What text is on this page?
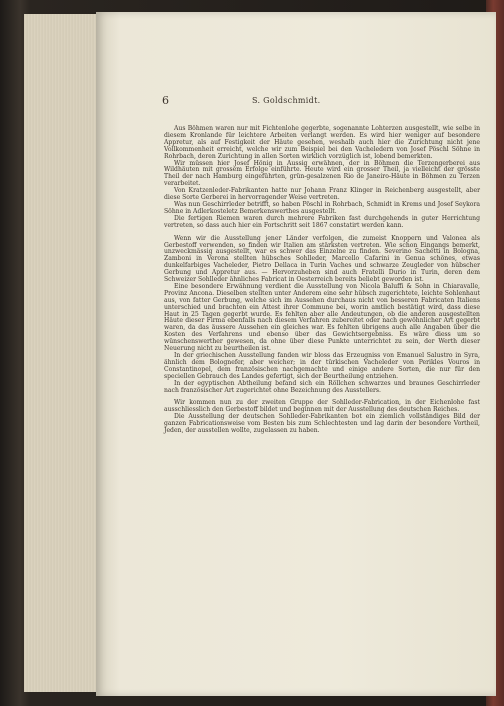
6	S. Goldschmidt.

Aus Böhmen waren nur mit Fichtenlohe gegerbte, sogenannte Lohterzen ausgestellt, wie selbe in diesem Kronlande für leichtere Arbeiten verlangt werden. Es wird hier weniger auf besondere Appretur, als auf Festigkeit der Häute gesehen, weshalb auch hier die Zurichtung nicht jene Vollkommenheit erreicht, welche wir zum Beispiel bei den Vacheledern von Josef Pöschl Söhne in Rohrbach, deren Zurichtung in allen Sorten wirklich vorzüglich ist, lobend bemerkten.

Wir müssen hier Josef Hönig in Aussig erwähnen, der in Böhmen die Terzengerberei aus Wildhäuten mit grossem Erfolge einführte. Heute wird ein grosser Theil, ja vielleicht der grösste Theil der nach Hamburg eingeführten, grün-gesalzenen Rio de Janeiro-Häute in Böhmen zu Terzen verarbeitet.

Von Kratzenleder-Fabrikanten hatte nur Johann Franz Klinger in Reichenberg ausgestellt, aber diese Sorte Gerberei in hervorragender Weise vertreten.

Was nun Geschirrleder betrifft, so haben Pöschl in Rohrbach, Schmidt in Krems und Josef Seykora Söhne in Adlerkosteletz Bemerkenswerthes ausgestellt.

Die fertigen Riemen waren durch mehrere Fabriken fast durchgehends in guter Herrichtung vertreten, so dass auch hier ein Fortschritt seit 1867 constatirt werden kann.

Wenn wir die Ausstellung jener Länder verfolgen, die zumeist Knoppern und Valonea als Gerbestoff verwenden, so finden wir Italien am stärksten vertreten. Wie schon Eingangs bemerkt, unzweckmässig ausgestellt, war es schwer das Einzelne zu finden. Severino Sachetti in Bologna, Zamboni in Verona stellten hübsches Sohlleder, Marcello Cafarini in Genua schönes, etwas dunkelfarbiges Vacheleder, Pietro Dellaca in Turin Vaches und schwarze Zeugleder von hübscher Gerbung und Appretur aus. — Hervorzuheben sind auch Fratelli Durio in Turin, deren dem Schweizer Sohlleder ähnliches Fabricat in Oesterreich bereits beliebt geworden ist.

Eine besondere Erwähnung verdient die Ausstellung von Nicola Baluffi & Sohn in Chiaravalle, Provinz Ancona. Dieselben stellten unter Anderem eine sehr hübsch zugerichtete, leichte Sohlenhaut aus, von fatter Gerbung, welche sich im Aussehen durchaus nicht von besseren Fabricaten Italiens unterschied und brachten ein Attest ihrer Commune bei, worin amtlich bestätigt wird, dass diese Haut in 25 Tagen gegerbt wurde. Es fehlten aber alle Andeutungen, ob die anderen ausgestellten Häute dieser Firma ebenfalls nach diesem Verfahren zubereitet oder nach gewöhnlicher Art gegerbt waren, da das äussere Aussehen ein gleiches war. Es fehlten übrigens auch alle Angaben über die Kosten des Verfahrens und ebenso über das Gewichtsergebniss. Es wäre diess um so wünschenswerther gewesen, da ohne über diese Punkte unterrichtet zu sein, der Werth dieser Neuerung nicht zu beurtheilen ist.

In der griechischen Ausstellung fanden wir bloss das Erzeugniss von Emanuel Salustro in Syra, ähnlich dem Bolognefer, aber weicher; in der türkischen Vacheleder von Perikles Vouros in Constantinopel, dem französischen nachgemachte und einige andere Sorten, die nur für den speciellen Gebrauch des Landes gefertigt, sich der Beurtheilung entziehen.

In der egyptischen Abtheilung befand sich ein Röllchen schwarzes und braunes Geschirrleder nach französischer Art zugerichtet ohne Bezeichnung des Ausstellers.

Wir kommen nun zu der zweiten Gruppe der Sohlleder-Fabrication, in der Eichenlohe fast ausschliesslich den Gerbestoff bildet und beginnen mit der Ausstellung des deutschen Reiches.

Die Ausstellung der deutschen Sohlleder-Fabrikanten bot ein ziemlich vollständiges Bild der ganzen Fabricationsweise vom Besten bis zum Schlechtesten und lag darin der besondere Vortheil, Jeden, der ausstellen wollte, zugelassen zu haben.
